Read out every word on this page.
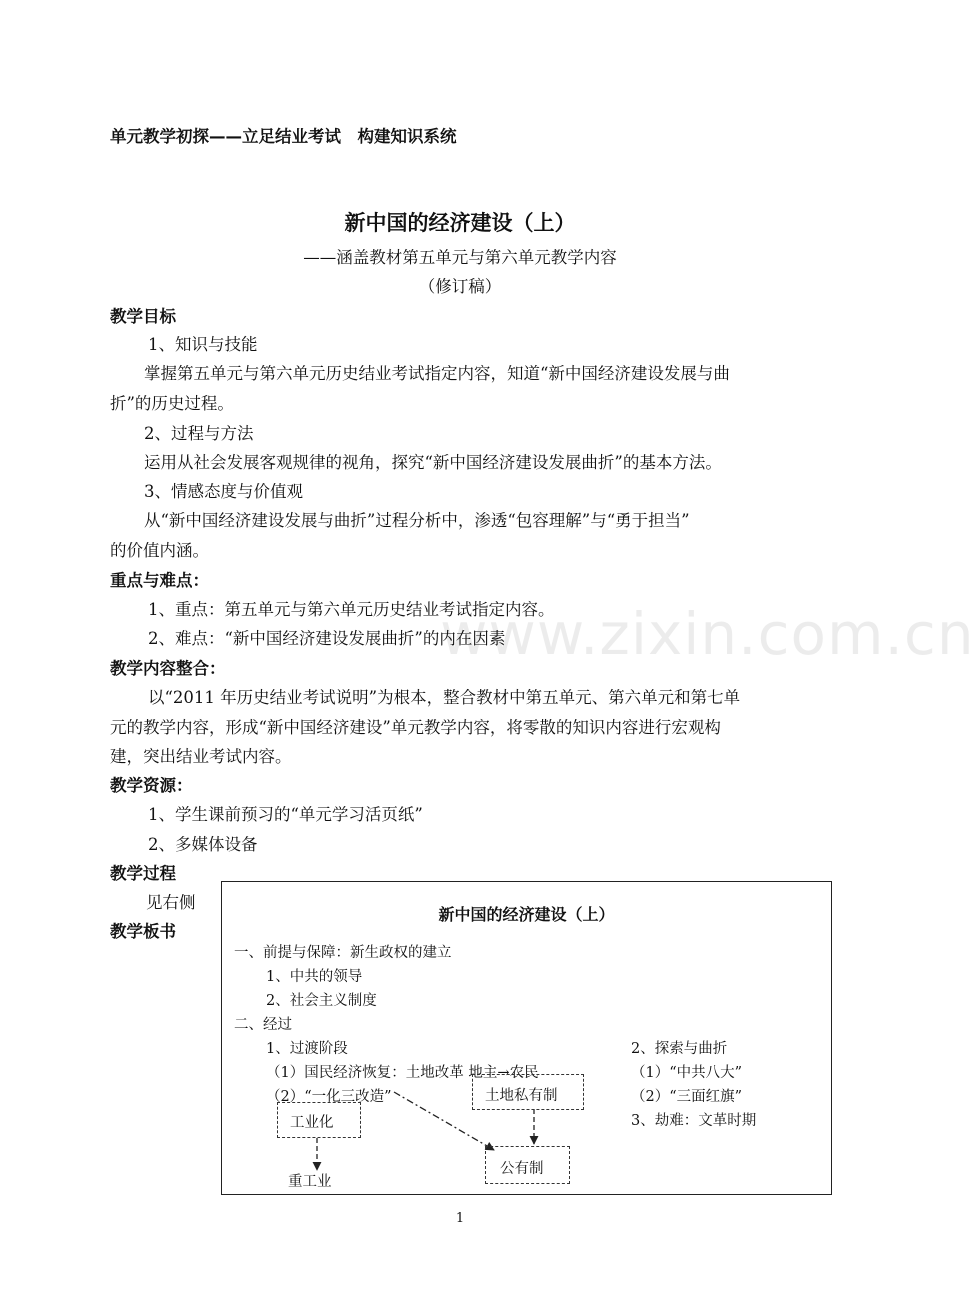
www.zixin.com.cn
单元教学初探——立足结业考试　构建知识系统
新中国的经济建设（上）
——涵盖教材第五单元与第六单元教学内容
（修订稿）
教学目标
1、知识与技能
掌握第五单元与第六单元历史结业考试指定内容，知道“新中国经济建设发展与曲
折”的历史过程。
2、过程与方法
运用从社会发展客观规律的视角，探究“新中国经济建设发展曲折”的基本方法。
3、情感态度与价值观
从“新中国经济建设发展与曲折”过程分析中，渗透“包容理解”与“勇于担当”
的价值内涵。
重点与难点：
1、重点：第五单元与第六单元历史结业考试指定内容。
2、难点：“新中国经济建设发展曲折”的内在因素
教学内容整合：
以“2011 年历史结业考试说明”为根本，整合教材中第五单元、第六单元和第七单
元的教学内容，形成“新中国经济建设”单元教学内容，将零散的知识内容进行宏观构
建，突出结业考试内容。
教学资源：
1、学生课前预习的“单元学习活页纸”
2、多媒体设备
教学过程
见右侧
教学板书
新中国的经济建设（上）
一、前提与保障：新生政权的建立
1、中共的领导
2、社会主义制度
二、经过
1、过渡阶段
（1）国民经济恢复：土地改革 地主→农民
（2）“一化三改造”	土地私有制
工业化
公有制
重工业
2、探索与曲折
（1）“中共八大”
（2）“三面红旗”
3、劫难：文革时期
1
